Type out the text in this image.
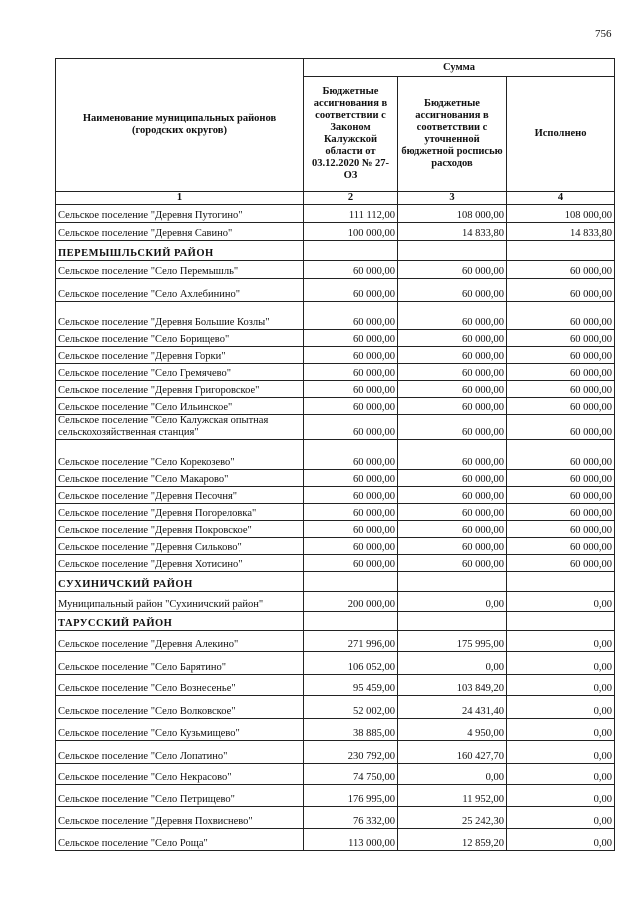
756
Наименование муниципальных районов (городских округов)	Сумма		
	Бюджетные ассигнования в соответствии с Законом Калужской области от 03.12.2020 № 27-ОЗ	Бюджетные ассигнования в соответствии с уточненной бюджетной росписью расходов	Исполнено
1	2	3	4
Сельское поселение "Деревня Путогино"	111 112,00	108 000,00	108 000,00
Сельское поселение "Деревня Савино"	100 000,00	14 833,80	14 833,80
ПЕРЕМЫШЛЬСКИЙ РАЙОН			
Сельское поселение "Село Перемышль"	60 000,00	60 000,00	60 000,00
Сельское поселение "Село Ахлебинино"	60 000,00	60 000,00	60 000,00
Сельское поселение "Деревня Большие Козлы"	60 000,00	60 000,00	60 000,00
Сельское поселение "Село Борищево"	60 000,00	60 000,00	60 000,00
Сельское поселение "Деревня Горки"	60 000,00	60 000,00	60 000,00
Сельское поселение "Село Гремячево"	60 000,00	60 000,00	60 000,00
Сельское поселение "Деревня Григоровское"	60 000,00	60 000,00	60 000,00
Сельское поселение "Село Ильинское"	60 000,00	60 000,00	60 000,00
Сельское поселение "Село Калужская опытная сельскохозяйственная станция"	60 000,00	60 000,00	60 000,00
Сельское поселение "Село Корекозево"	60 000,00	60 000,00	60 000,00
Сельское поселение "Село Макарово"	60 000,00	60 000,00	60 000,00
Сельское поселение "Деревня Песочня"	60 000,00	60 000,00	60 000,00
Сельское поселение "Деревня Погореловка"	60 000,00	60 000,00	60 000,00
Сельское поселение "Деревня Покровское"	60 000,00	60 000,00	60 000,00
Сельское поселение "Деревня Сильково"	60 000,00	60 000,00	60 000,00
Сельское поселение "Деревня Хотисино"	60 000,00	60 000,00	60 000,00
СУХИНИЧСКИЙ РАЙОН			
Муниципальный район "Сухиничский район"	200 000,00	0,00	0,00
ТАРУССКИЙ РАЙОН			
Сельское поселение "Деревня Алекино"	271 996,00	175 995,00	0,00
Сельское поселение "Село Барятино"	106 052,00	0,00	0,00
Сельское поселение "Село Вознесенье"	95 459,00	103 849,20	0,00
Сельское поселение "Село Волковское"	52 002,00	24 431,40	0,00
Сельское поселение "Село Кузьмищево"	38 885,00	4 950,00	0,00
Сельское поселение "Село Лопатино"	230 792,00	160 427,70	0,00
Сельское поселение "Село Некрасово"	74 750,00	0,00	0,00
Сельское поселение "Село Петрищево"	176 995,00	11 952,00	0,00
Сельское поселение "Деревня Похвиснево"	76 332,00	25 242,30	0,00
Сельское поселение "Село Роща"	113 000,00	12 859,20	0,00
